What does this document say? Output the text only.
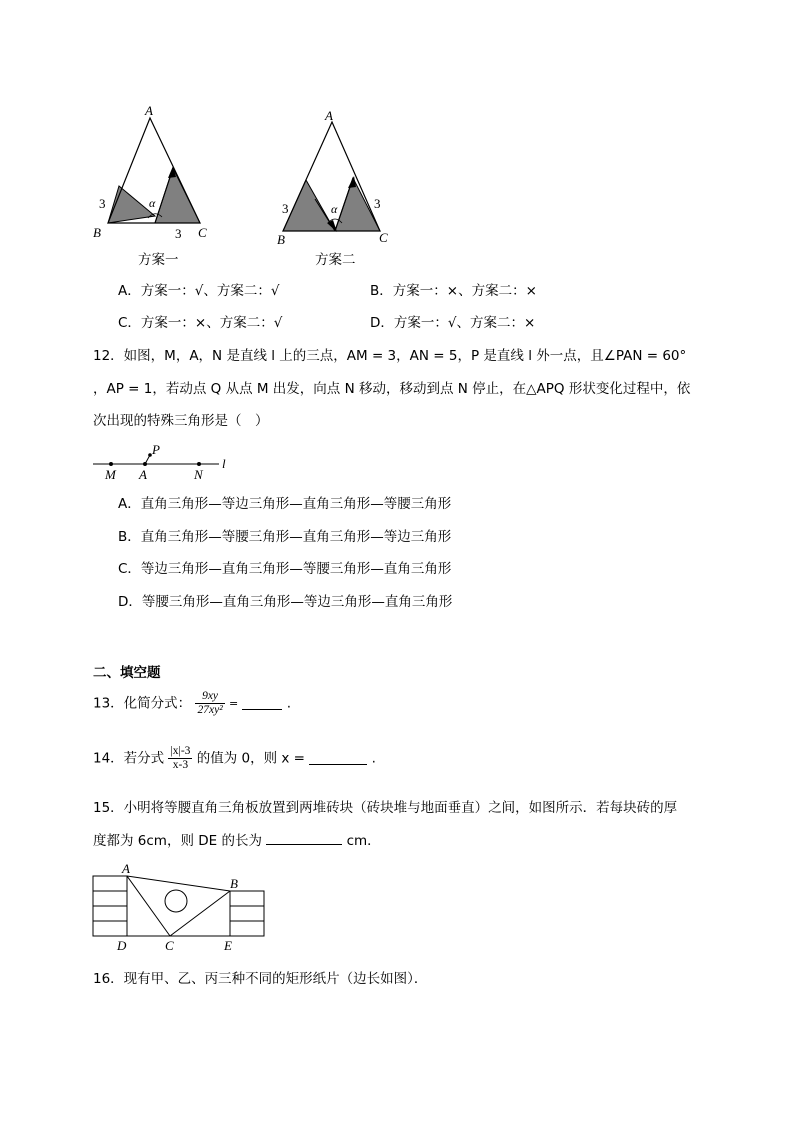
A
B	C
3
3
α
方案一
A
B	C
3	3
α
方案二
A．方案一：√、方案二：√	B．方案一：×、方案二：×
C．方案一：×、方案二：√	D．方案一：√、方案二：×
12．如图，M，A，N 是直线 l 上的三点，AM = 3，AN = 5，P 是直线 l 外一点，且∠PAN = 60°
，AP = 1，若动点 Q 从点 M 出发，向点 N 移动，移动到点 N 停止，在△APQ 形状变化过程中，依
次出现的特殊三角形是（　）
P
M A	N
l
A．直角三角形—等边三角形—直角三角形—等腰三角形
B．直角三角形—等腰三角形—直角三角形—等边三角形
C．等边三角形—直角三角形—等腰三角形—直角三角形
D．等腰三角形—直角三角形—等边三角形—直角三角形
二、填空题
13．化简分式： $\frac{9xy}{\text{27xy²}}$ =	.
14．若分式 $\frac{|x|-3}{x-3}$ 的值为 0，则 x =	.
15．小明将等腰直角三角板放置到两堆砖块（砖块堆与地面垂直）之间，如图所示．若每块砖的厚
度都为 6cm，则 DE 的长为	cm．
A
B
C
D	E
16．现有甲、乙、丙三种不同的矩形纸片（边长如图）．
